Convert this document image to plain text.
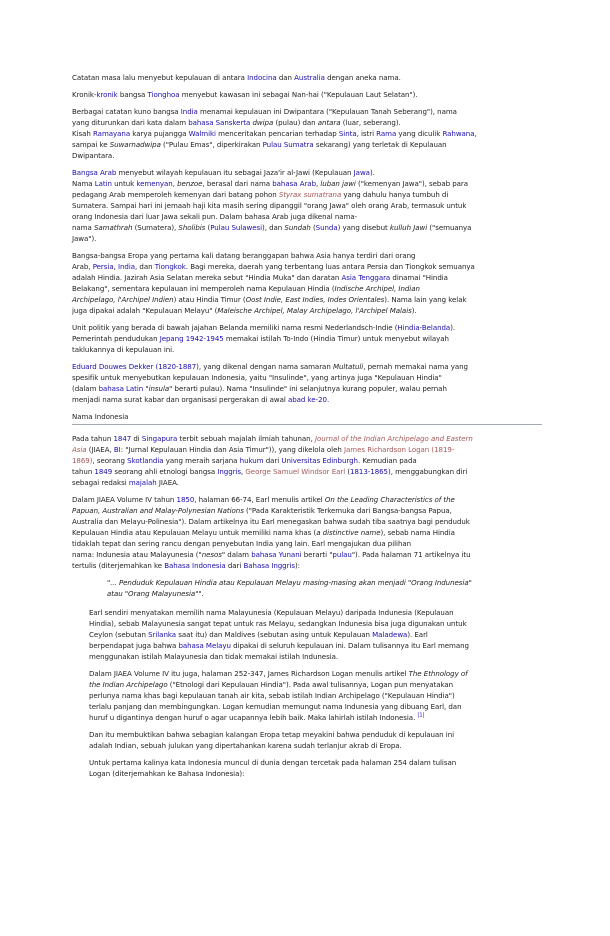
Catatan masa lalu menyebut kepulauan di antara Indocina dan Australia dengan aneka nama.

Kronik-kronik bangsa Tionghoa menyebut kawasan ini sebagai Nan-hai ("Kepulauan Laut Selatan").

Berbagai catatan kuno bangsa India menamai kepulauan ini Dwipantara ("Kepulauan Tanah Seberang"), nama
yang diturunkan dari kata dalam bahasa Sanskerta dwipa (pulau) dan antara (luar, seberang).
Kisah Ramayana karya pujangga Walmiki menceritakan pencarian terhadap Sinta, istri Rama yang diculik Rahwana,
sampai ke Suwarnadwipa ("Pulau Emas", diperkirakan Pulau Sumatra sekarang) yang terletak di Kepulauan
Dwipantara.
Bangsa Arab menyebut wilayah kepulauan itu sebagai Jaza'ir al-Jawi (Kepulauan Jawa).
Nama Latin untuk kemenyan, benzoe, berasal dari nama bahasa Arab, luban jawi ("kemenyan Jawa"), sebab para
pedagang Arab memperoleh kemenyan dari batang pohon Styrax sumatrana yang dahulu hanya tumbuh di
Sumatera. Sampai hari ini jemaah haji kita masih sering dipanggil "orang Jawa" oleh orang Arab, termasuk untuk
orang Indonesia dari luar Jawa sekali pun. Dalam bahasa Arab juga dikenal nama-
nama Samathrah (Sumatera), Sholibis (Pulau Sulawesi), dan Sundah (Sunda) yang disebut kulluh Jawi ("semuanya
Jawa").
Bangsa-bangsa Eropa yang pertama kali datang beranggapan bahwa Asia hanya terdiri dari orang
Arab, Persia, India, dan Tiongkok. Bagi mereka, daerah yang terbentang luas antara Persia dan Tiongkok semuanya
adalah Hindia. Jazirah Asia Selatan mereka sebut "Hindia Muka" dan daratan Asia Tenggara dinamai "Hindia
Belakang", sementara kepulauan ini memperoleh nama Kepulauan Hindia (Indische Archipel, Indian
Archipelago, l'Archipel Indien) atau Hindia Timur (Oost Indie, East Indies, Indes Orientales). Nama lain yang kelak
juga dipakai adalah "Kepulauan Melayu" (Maleische Archipel, Malay Archipelago, l'Archipel Malais).
Unit politik yang berada di bawah jajahan Belanda memiliki nama resmi Nederlandsch-Indie (Hindia-Belanda).
Pemerintah pendudukan Jepang 1942-1945 memakai istilah To-Indo (Hindia Timur) untuk menyebut wilayah
taklukannya di kepulauan ini.
Eduard Douwes Dekker (1820-1887), yang dikenal dengan nama samaran Multatuli, pernah memakai nama yang
spesifik untuk menyebutkan kepulauan Indonesia, yaitu "Insulinde", yang artinya juga "Kepulauan Hindia"
(dalam bahasa Latin "insula" berarti pulau). Nama "Insulinde" ini selanjutnya kurang populer, walau pernah
menjadi nama surat kabar dan organisasi pergerakan di awal abad ke-20.
Nama Indonesia
Pada tahun 1847 di Singapura terbit sebuah majalah ilmiah tahunan, Journal of the Indian Archipelago and Eastern
Asia (JIAEA, BI: "Jurnal Kepulauan Hindia dan Asia Timur")), yang dikelola oleh James Richardson Logan (1819-
1869), seorang Skotlandia yang meraih sarjana hukum dari Universitas Edinburgh. Kemudian pada
tahun 1849 seorang ahli etnologi bangsa Inggris, George Samuel Windsor Earl (1813-1865), menggabungkan diri
sebagai redaksi majalah JIAEA.
Dalam JIAEA Volume IV tahun 1850, halaman 66-74, Earl menulis artikel On the Leading Characteristics of the
Papuan, Australian and Malay-Polynesian Nations ("Pada Karakteristik Terkemuka dari Bangsa-bangsa Papua,
Australia dan Melayu-Polinesia"). Dalam artikelnya itu Earl menegaskan bahwa sudah tiba saatnya bagi penduduk
Kepulauan Hindia atau Kepulauan Melayu untuk memiliki nama khas (a distinctive name), sebab nama Hindia
tidaklah tepat dan sering rancu dengan penyebutan India yang lain. Earl mengajukan dua pilihan
nama: Indunesia atau Malayunesia ("nesos" dalam bahasa Yunani berarti "pulau"). Pada halaman 71 artikelnya itu
tertulis (diterjemahkan ke Bahasa Indonesia dari Bahasa Inggris):
"... Penduduk Kepulauan Hindia atau Kepulauan Melayu masing-masing akan menjadi "Orang Indunesia"
atau "Orang Malayunesia"".
Earl sendiri menyatakan memilih nama Malayunesia (Kepulauan Melayu) daripada Indunesia (Kepulauan
Hindia), sebab Malayunesia sangat tepat untuk ras Melayu, sedangkan Indunesia bisa juga digunakan untuk
Ceylon (sebutan Srilanka saat itu) dan Maldives (sebutan asing untuk Kepulauan Maladewa). Earl
berpendapat juga bahwa bahasa Melayu dipakai di seluruh kepulauan ini. Dalam tulisannya itu Earl memang
menggunakan istilah Malayunesia dan tidak memakai istilah Indunesia.
Dalam JIAEA Volume IV itu juga, halaman 252-347, James Richardson Logan menulis artikel The Ethnology of
the Indian Archipelago ("Etnologi dari Kepulauan Hindia"). Pada awal tulisannya, Logan pun menyatakan
perlunya nama khas bagi kepulauan tanah air kita, sebab istilah Indian Archipelago ("Kepulauan Hindia")
terlalu panjang dan membingungkan. Logan kemudian memungut nama Indunesia yang dibuang Earl, dan
huruf u digantinya dengan huruf o agar ucapannya lebih baik. Maka lahirlah istilah Indonesia. [1]
Dan itu membuktikan bahwa sebagian kalangan Eropa tetap meyakini bahwa penduduk di kepulauan ini
adalah Indian, sebuah julukan yang dipertahankan karena sudah terlanjur akrab di Eropa.
Untuk pertama kalinya kata Indonesia muncul di dunia dengan tercetak pada halaman 254 dalam tulisan
Logan (diterjemahkan ke Bahasa Indonesia):
